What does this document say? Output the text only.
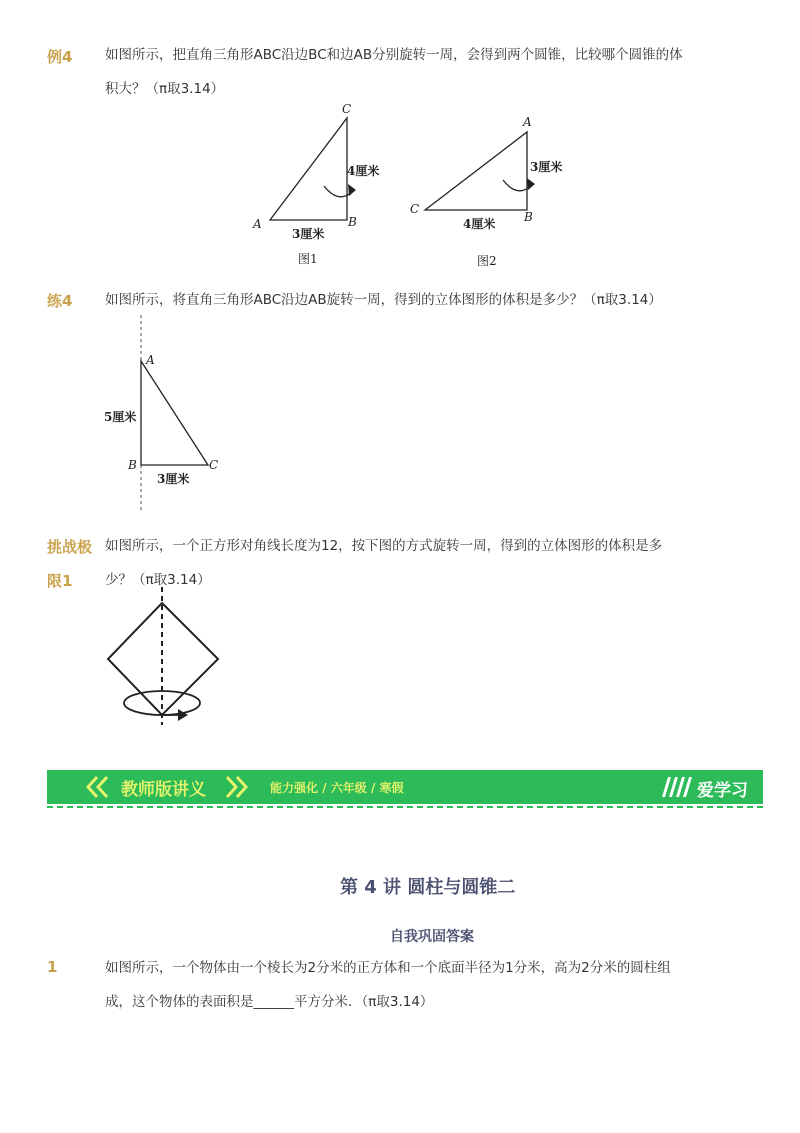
例4 如图所示，把直角三角形ABC沿边BC和边AB分别旋转一周，会得到两个圆锥，比较哪个圆锥的体
积大？（π取3.14）
C
4厘米
A	B
3厘米
图1
A
3厘米
C
B
4厘米
图2
练4 如图所示，将直角三角形ABC沿边AB旋转一周，得到的立体图形的体积是多少？（π取3.14）
A
5厘米
B	C
3厘米
挑战极
限1
如图所示，一个正方形对角线长度为12，按下图的方式旋转一周，得到的立体图形的体积是多
少？（π取3.14）
教师版讲义	能力强化 / 六年级 / 寒假	爱学习
第 4 讲 圆柱与圆锥二
自我巩固答案
1	如图所示，一个物体由一个棱长为2分米的正方体和一个底面半径为1分米，高为2分米的圆柱组
成，这个物体的表面积是______平方分米．（π取3.14）
